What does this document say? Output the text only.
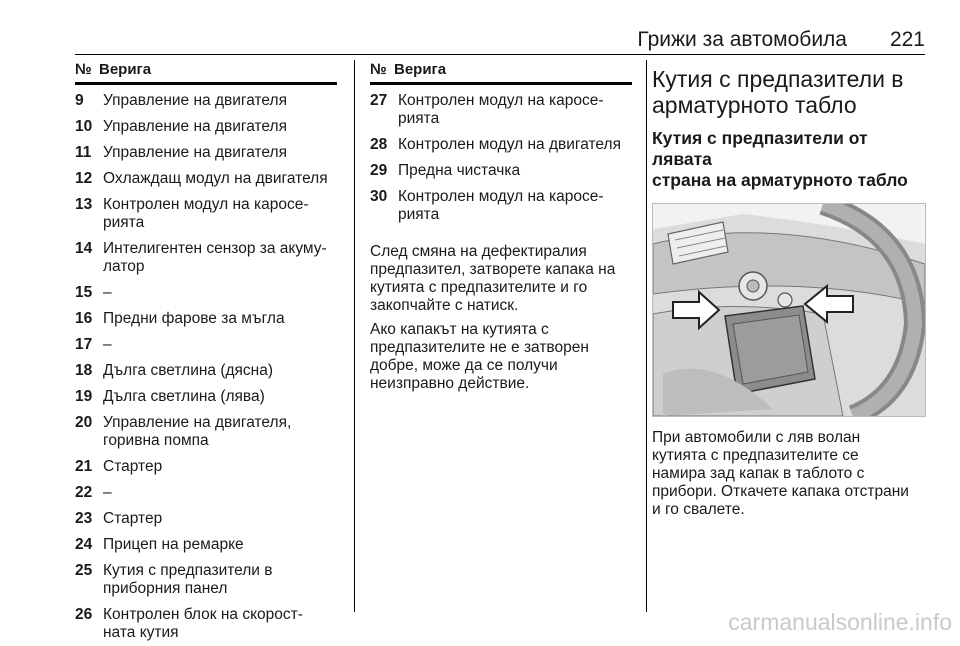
Грижи за автомобила 221
№ Верига
9 Управление на двигателя
10 Управление на двигателя
11 Управление на двигателя
12 Охлаждащ модул на двигателя
13 Контролен модул на каросе-
рията
14 Интелигентен сензор за акуму-
латор
15 –
16 Предни фарове за мъгла
17 –
18 Дълга светлина (дясна)
19 Дълга светлина (лява)
20 Управление на двигателя,
горивна помпа
21 Стартер
22 –
23 Стартер
24 Прицеп на ремарке
25 Кутия с предпазители в
приборния панел
26 Контролен блок на скорост-
ната кутия
№ Верига
27 Контролен модул на каросе-
рията
28 Контролен модул на двигателя
29 Предна чистачка
30 Контролен модул на каросе-
рията

След смяна на дефектиралия
предпазител, затворете капака на
кутията с предпазителите и го
закопчайте с натиск.

Ако капакът на кутията с
предпазителите не е затворен
добре, може да се получи
неизправно действие.

Кутия с предпазители в
арматурното табло
Кутия с предпазители от лявата
страна на арматурното табло

При автомобили с ляв волан
кутията с предпазителите се
намира зад капак в таблото с
прибори. Откачете капака отстрани
и го свалете.

carmanualsonline.info
